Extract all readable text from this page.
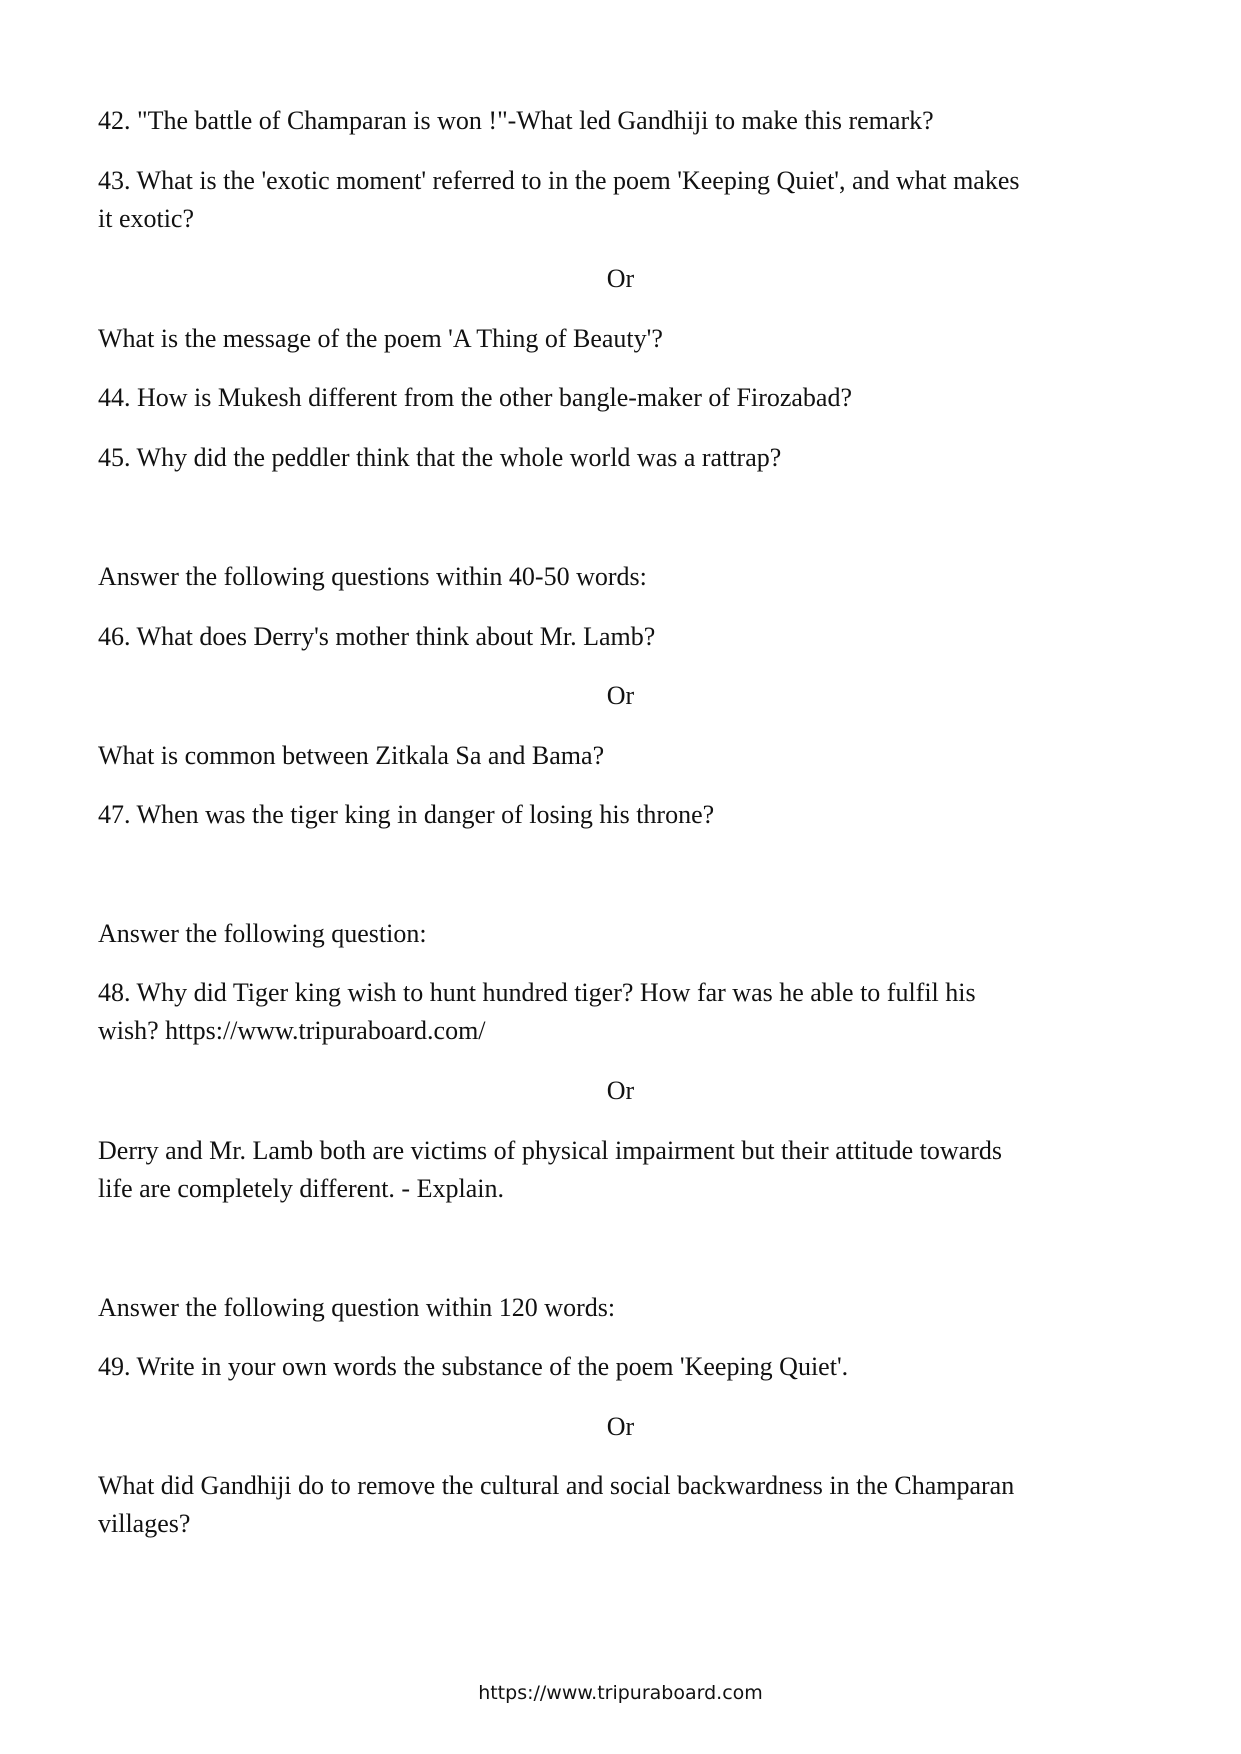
42. "The battle of Champaran is won !"-What led Gandhiji to make this remark?

43. What is the 'exotic moment' referred to in the poem 'Keeping Quiet', and what makes

it exotic?

Or

What is the message of the poem 'A Thing of Beauty'?

44. How is Mukesh different from the other bangle-maker of Firozabad?

45. Why did the peddler think that the whole world was a rattrap?

Answer the following questions within 40-50 words:

46. What does Derry's mother think about Mr. Lamb?

Or

What is common between Zitkala Sa and Bama?

47. When was the tiger king in danger of losing his throne?

Answer the following question:

48. Why did Tiger king wish to hunt hundred tiger? How far was he able to fulfil his

wish? https://www.tripuraboard.com/

Or

Derry and Mr. Lamb both are victims of physical impairment but their attitude towards

life are completely different. - Explain.

Answer the following question within 120 words:

49. Write in your own words the substance of the poem 'Keeping Quiet'.

Or

What did Gandhiji do to remove the cultural and social backwardness in the Champaran

villages?

https://www.tripuraboard.com
